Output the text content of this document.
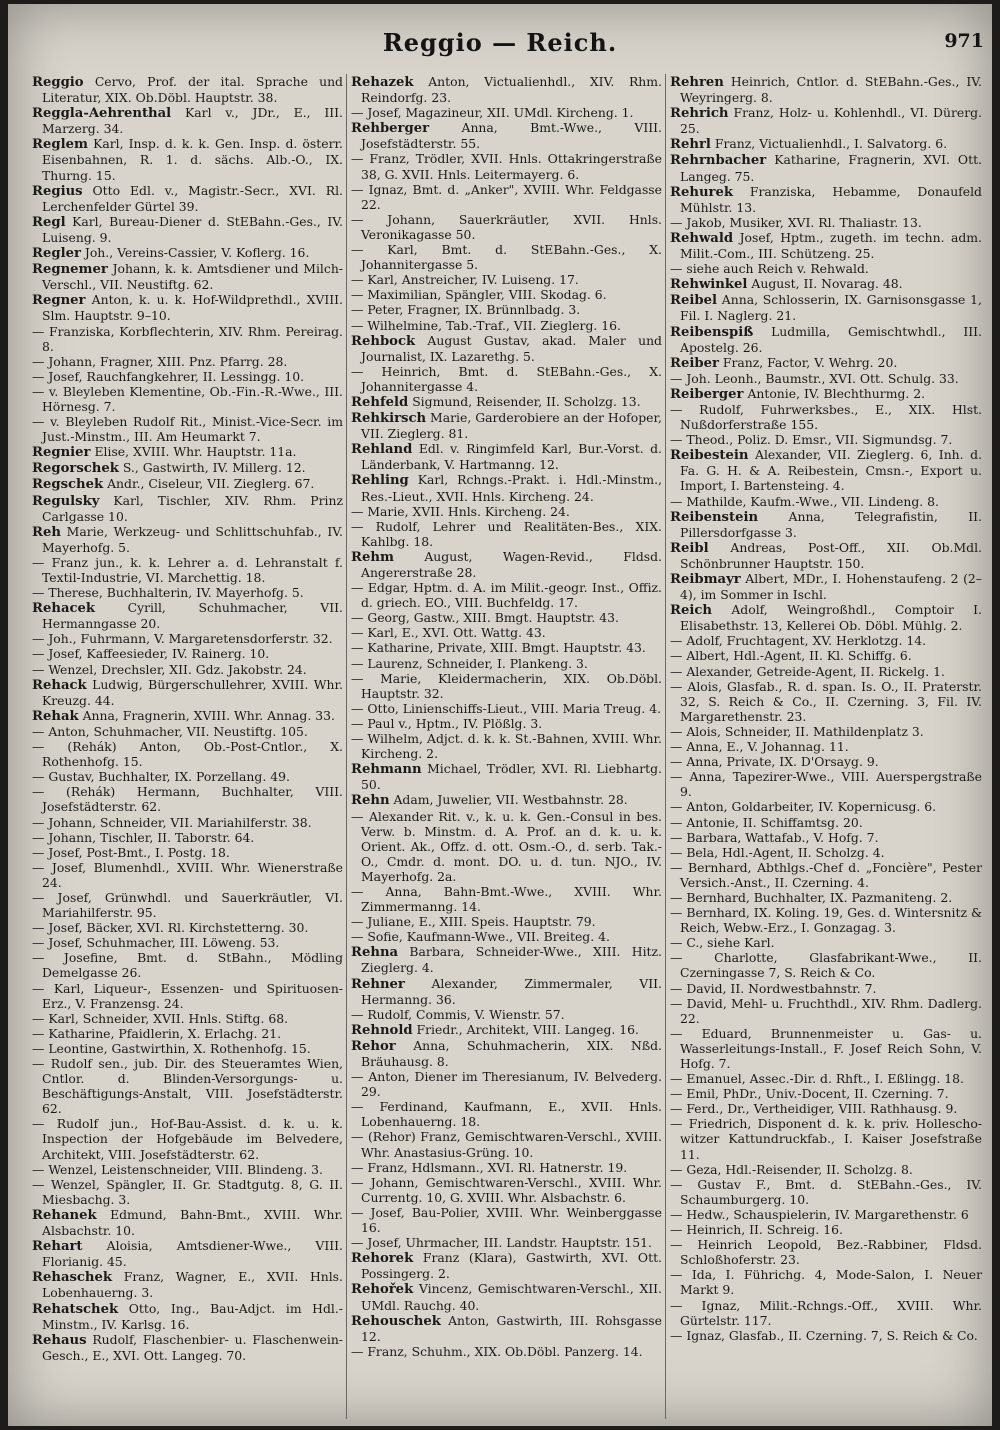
Reggio — Reich.	971
Reggio Cervo, Prof. der ital. Sprache und Literatur, XIX. Ob.Döbl. Hauptstr. 38.
Reggla-Aehrenthal Karl v., JDr., E., III. Marzerg. 34.
Reglem Karl, Insp. d. k. k. Gen. Insp. d. österr. Eisenbahnen, R. 1. d. sächs. Alb.-O., IX. Thurng. 15.
Regius Otto Edl. v., Magistr.-Secr., XVI. Rl. Lerchenfelder Gürtel 39.
Regl Karl, Bureau-Diener d. StEBahn.-Ges., IV. Luiseng. 9.
Regler Joh., Vereins-Cassier, V. Koflerg. 16.
Regnemer Johann, k. k. Amtsdiener und Milch-Verschl., VII. Neustiftg. 62.
Regner Anton, k. u. k. Hof-Wildprethdl., XVIII. Slm. Hauptstr. 9–10.
— Franziska, Korbflechterin, XIV. Rhm. Pereirag. 8.
— Johann, Fragner, XIII. Pnz. Pfarrg. 28.
— Josef, Rauchfangkehrer, II. Lessingg. 10.
— v. Bleyleben Klementine, Ob.-Fin.-R.-Wwe., III. Hörnesg. 7.
— v. Bleyleben Rudolf Rit., Minist.-Vice-Secr. im Just.-Minstm., III. Am Heumarkt 7.
Regnier Elise, XVIII. Whr. Hauptstr. 11a.
Regorschek S., Gastwirth, IV. Millerg. 12.
Regschek Andr., Ciseleur, VII. Zieglerg. 67.
Regulsky Karl, Tischler, XIV. Rhm. Prinz Carlgasse 10.
Reh Marie, Werkzeug- und Schlittschuhfab., IV. Mayerhofg. 5.
— Franz jun., k. k. Lehrer a. d. Lehranstalt f. Textil-Industrie, VI. Marchettig. 18.
— Therese, Buchhalterin, IV. Mayerhofg. 5.
Rehacek	Cyrill, Schuhmacher, VII. Hermanngasse 20.
— Joh., Fuhrmann, V. Margaretensdorferstr. 32.
— Josef, Kaffeesieder, IV. Rainerg. 10.
— Wenzel, Drechsler, XII. Gdz. Jakobstr. 24.
Rehack Ludwig, Bürgerschullehrer, XVIII. Whr. Kreuzg. 44.
Rehak Anna, Fragnerin, XVIII. Whr. Annag. 33.
— Anton, Schuhmacher, VII. Neustiftg. 105.
— (Rehák) Anton, Ob.-Post-Cntlor., X. Rothenhofg. 15.
— Gustav, Buchhalter, IX. Porzellang. 49.
— (Rehák) Hermann, Buchhalter, VIII. Josefstädterstr. 62.
— Johann, Schneider, VII. Mariahilferstr. 38.
— Johann, Tischler, II. Taborstr. 64.
— Josef, Post-Bmt., I. Postg. 18.
— Josef, Blumenhdl., XVIII. Whr. Wienerstraße 24.
— Josef, Grünwhdl. und Sauerkräutler, VI. Mariahilferstr. 95.
— Josef, Bäcker, XVI. Rl. Kirchstetterng. 30.
— Josef, Schuhmacher, III. Löweng. 53.
— Josefine, Bmt. d. StBahn., Mödling Demelgasse 26.
— Karl, Liqueur-, Essenzen- und Spirituosen-Erz., V. Franzensg. 24.
— Karl, Schneider, XVII. Hnls. Stiftg. 68.
— Katharine, Pfaidlerin, X. Erlachg. 21.
— Leontine, Gastwirthin, X. Rothenhofg. 15.
— Rudolf sen., jub. Dir. des Steueramtes Wien, Cntlor. d. Blinden-Versorgungs- u. Beschäftigungs-Anstalt, VIII. Josefstädterstr. 62.
— Rudolf jun., Hof-Bau-Assist. d. k. u. k. Inspection der Hofgebäude im Belvedere, Architekt, VIII. Josefstädterstr. 62.
— Wenzel, Leistenschneider, VIII. Blindeng. 3.
— Wenzel, Spängler, II. Gr. Stadtgutg. 8, G. II. Miesbachg. 3.
Rehanek Edmund, Bahn-Bmt., XVIII. Whr. Alsbachstr. 10.
Rehart Aloisia, Amtsdiener-Wwe., VIII. Florianig. 45.
Rehaschek Franz, Wagner, E., XVII. Hnls. Lobenhauerng. 3.
Rehatschek Otto, Ing., Bau-Adjct. im Hdl.-Minstm., IV. Karlsg. 16.
Rehaus Rudolf, Flaschenbier- u. Flaschenwein-Gesch., E., XVI. Ott. Langeg. 70.
Rehazek Anton, Victualienhdl., XIV. Rhm. Reindorfg. 23.
— Josef, Magazineur, XII. UMdl. Kircheng. 1.
Rehberger	Anna, Bmt.-Wwe., VIII. Josefstädterstr. 55.
— Franz, Trödler, XVII. Hnls. Ottakringerstraße 38, G. XVII. Hnls. Leitermayerg. 6.
— Ignaz, Bmt. d. „Anker", XVIII. Whr. Feldgasse 22.
— Johann, Sauerkräutler, XVII. Hnls. Veronikagasse 50.
— Karl, Bmt. d. StEBahn.-Ges., X. Johannitergasse 5.
— Karl, Anstreicher, IV. Luiseng. 17.
— Maximilian, Spängler, VIII. Skodag. 6.
— Peter, Fragner, IX. Brünnlbadg. 3.
— Wilhelmine, Tab.-Traf., VII. Zieglerg. 16.
Rehbock August Gustav, akad. Maler und Journalist, IX. Lazarethg. 5.
— Heinrich, Bmt. d. StEBahn.-Ges., X. Johannitergasse 4.
Rehfeld Sigmund, Reisender, II. Scholzg. 13.
Rehkirsch Marie, Garderobiere an der Hofoper, VII. Zieglerg. 81.
Rehland Edl. v. Ringimfeld Karl, Bur.-Vorst. d. Länderbank, V. Hartmanng. 12.
Rehling Karl, Rchngs.-Prakt. i. Hdl.-Minstm., Res.-Lieut., XVII. Hnls. Kircheng. 24.
— Marie, XVII. Hnls. Kircheng. 24.
— Rudolf, Lehrer und Realitäten-Bes., XIX. Kahlbg. 18.
Rehm August, Wagen-Revid., Fldsd. Angererstraße 28.
— Edgar, Hptm. d. A. im Milit.-geogr. Inst., Offiz. d. griech. EO., VIII. Buchfeldg. 17.
— Georg, Gastw., XIII. Bmgt. Hauptstr. 43.
— Karl, E., XVI. Ott. Wattg. 43.
— Katharine, Private, XIII. Bmgt. Hauptstr. 43.
— Laurenz, Schneider, I. Plankeng. 3.
— Marie, Kleidermacherin, XIX. Ob.Döbl. Hauptstr. 32.
— Otto, Linienschiffs-Lieut., VIII. Maria Treug. 4.
— Paul v., Hptm., IV. Plößlg. 3.
— Wilhelm, Adjct. d. k. k. St.-Bahnen, XVIII. Whr. Kircheng. 2.
Rehmann Michael, Trödler, XVI. Rl. Liebhartg. 50.
Rehn Adam, Juwelier, VII. Westbahnstr. 28.
— Alexander Rit. v., k. u. k. Gen.-Consul in bes. Verw. b. Minstm. d. A. Prof. an d. k. u. k. Orient. Ak., Offz. d. ott. Osm.-O., d. serb. Tak.-O., Cmdr. d. mont. DO. u. d. tun. NJO., IV. Mayerhofg. 2a.
— Anna, Bahn-Bmt.-Wwe., XVIII. Whr. Zimmermanng. 14.
— Juliane, E., XIII. Speis. Hauptstr. 79.
— Sofie, Kaufmann-Wwe., VII. Breiteg. 4.
Rehna Barbara, Schneider-Wwe., XIII. Hitz. Zieglerg. 4.
Rehner Alexander, Zimmermaler, VII. Hermanng. 36.
— Rudolf, Commis, V. Wienstr. 57.
Rehnold Friedr., Architekt, VIII. Langeg. 16.
Rehor Anna, Schuhmacherin, XIX. Nßd. Bräuhausg. 8.
— Anton, Diener im Theresianum, IV. Belvederg. 29.
— Ferdinand, Kaufmann, E., XVII. Hnls. Lobenhauerng. 18.
— (Rehor) Franz, Gemischtwaren-Verschl., XVIII. Whr. Anastasius-Grüng. 10.
— Franz, Hdlsmann., XVI. Rl. Hatnerstr. 19.
— Johann, Gemischtwaren-Verschl., XVIII. Whr. Currentg. 10, G. XVIII. Whr. Alsbachstr. 6.
— Josef, Bau-Polier, XVIII. Whr. Weinberggasse 16.
— Josef, Uhrmacher, III. Landstr. Hauptstr. 151.
Rehorek Franz (Klara), Gastwirth, XVI. Ott. Possingerg. 2.
Rehořek Vincenz, Gemischtwaren-Verschl., XII. UMdl. Rauchg. 40.
Rehouschek Anton, Gastwirth, III. Rohsgasse 12.
— Franz, Schuhm., XIX. Ob.Döbl. Panzerg. 14.
Rehren Heinrich, Cntlor. d. StEBahn.-Ges., IV. Weyringerg. 8.
Rehrich Franz, Holz- u. Kohlenhdl., VI. Dürerg. 25.
Rehrl Franz, Victualienhdl., I. Salvatorg. 6.
Rehrnbacher Katharine, Fragnerin, XVI. Ott. Langeg. 75.
Rehurek Franziska, Hebamme, Donaufeld Mühlstr. 13.
— Jakob, Musiker, XVI. Rl. Thaliastr. 13.
Rehwald Josef, Hptm., zugeth. im techn. adm. Milit.-Com., III. Schützeng. 25.
— siehe auch Reich v. Rehwald.
Rehwinkel August, II. Novarag. 48.
Reibel Anna, Schlosserin, IX. Garnisonsgasse 1, Fil. I. Naglerg. 21.
Reibenspiß Ludmilla, Gemischtwhdl., III. Apostelg. 26.
Reiber Franz, Factor, V. Wehrg. 20.
— Joh. Leonh., Baumstr., XVI. Ott. Schulg. 33.
Reiberger Antonie, IV. Blechthurmg. 2.
— Rudolf, Fuhrwerksbes., E., XIX. Hlst. Nußdorferstraße 155.
— Theod., Poliz. D. Emsr., VII. Sigmundsg. 7.
Reibestein Alexander, VII. Zieglerg. 6, Inh. d. Fa. G. H. & A. Reibestein, Cmsn.-, Export u. Import, I. Bartensteing. 4.
— Mathilde, Kaufm.-Wwe., VII. Lindeng. 8.
Reibenstein Anna, Telegrafistin, II. Pillersdorfgasse 3.
Reibl Andreas, Post-Off., XII. Ob.Mdl. Schönbrunner Hauptstr. 150.
Reibmayr Albert, MDr., I. Hohenstaufeng. 2 (2–4), im Sommer in Ischl.
Reich Adolf, Weingroßhdl., Comptoir I. Elisabethstr. 13, Kellerei Ob. Döbl. Mühlg. 2.
— Adolf, Fruchtagent, XV. Herklotzg. 14.
— Albert, Hdl.-Agent, II. Kl. Schiffg. 6.
— Alexander, Getreide-Agent, II. Rickelg. 1.
— Alois, Glasfab., R. d. span. Is. O., II. Praterstr. 32, S. Reich & Co., II. Czerning. 3, Fil. IV. Margarethenstr. 23.
— Alois, Schneider, II. Mathildenplatz 3.
— Anna, E., V. Johannag. 11.
— Anna, Private, IX. D'Orsayg. 9.
— Anna, Tapezirer-Wwe., VIII. Auerspergstraße 9.
— Anton, Goldarbeiter, IV. Kopernicusg. 6.
— Antonie, II. Schiffamtsg. 20.
— Barbara, Wattafab., V. Hofg. 7.
— Bela, Hdl.-Agent, II. Scholzg. 4.
— Bernhard, Abthlgs.-Chef d. „Foncière", Pester Versich.-Anst., II. Czerning. 4.
— Bernhard, Buchhalter, IX. Pazmaniteng. 2.
— Bernhard, IX. Koling. 19, Ges. d. Wintersnitz & Reich, Webw.-Erz., I. Gonzagag. 3.
— C., siehe Karl.
— Charlotte, Glasfabrikant-Wwe., II. Czerningasse 7, S. Reich & Co.
— David, II. Nordwestbahnstr. 7.
— David, Mehl- u. Fruchthdl., XIV. Rhm. Dadlerg. 22.
— Eduard, Brunnenmeister u. Gas- u. Wasserleitungs-Install., F. Josef Reich Sohn, V. Hofg. 7.
— Emanuel, Assec.-Dir. d. Rhft., I. Eßlingg. 18.
— Emil, PhDr., Univ.-Docent, II. Czerning. 7.
— Ferd., Dr., Vertheidiger, VIII. Rathhausg. 9.
— Friedrich, Disponent d. k. k. priv. Hollescho- witzer Kattundruckfab., I. Kaiser Josefstraße 11.
— Geza, Hdl.-Reisender, II. Scholzg. 8.
— Gustav F., Bmt. d. StEBahn.-Ges., IV. Schaumburgerg. 10.
— Hedw., Schauspielerin, IV. Margarethenstr. 6
— Heinrich, II. Schreig. 16.
— Heinrich Leopold, Bez.-Rabbiner, Fldsd. Schloßhoferstr. 23.
— Ida, I. Führichg. 4, Mode-Salon, I. Neuer Markt 9.
— Ignaz, Milit.-Rchngs.-Off., XVIII. Whr. Gürtelstr. 117.
— Ignaz, Glasfab., II. Czerning. 7, S. Reich & Co.
